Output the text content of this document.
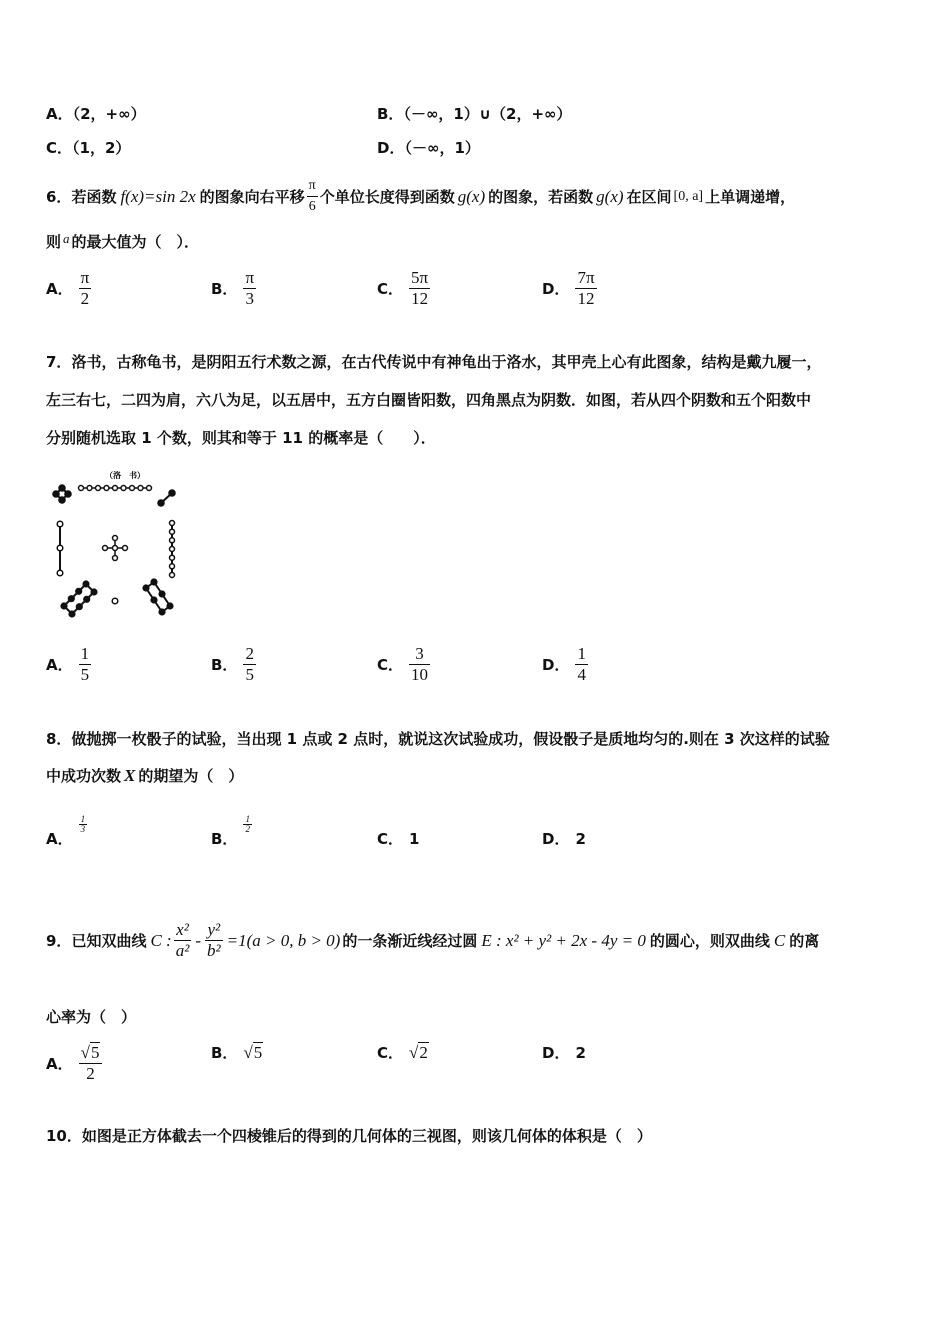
A．（2，+∞）	B．（－∞，1）∪（2，+∞）
C．（1，2）	D．（－∞，1）
6． 若函数 f(x)=sin 2x 的图象向右平移 $\frac{\pi}{6}$ 个单位长度得到函数 g(x) 的图象，若函数 g(x) 在区间 [0, a] 上单调递增，
则 a 的最大值为（　）．
A． $\frac{\pi}{2}$	B． $\frac{\pi}{3}$	C． $\frac{5\pi}{12}$	D． $\frac{7\pi}{12}$
7．洛书，古称龟书，是阴阳五行术数之源，在古代传说中有神龟出于洛水，其甲壳上心有此图象，结构是戴九履一，
左三右七，二四为肩，六八为足，以五居中，五方白圈皆阳数，四角黑点为阴数．如图，若从四个阴数和五个阳数中
分别随机选取 1 个数，则其和等于 11 的概率是（　　）．
（洛　书）
A． $\frac{1}{5}$	B． $\frac{2}{5}$	C． $\frac{3}{10}$	D． $\frac{1}{4}$
8．做抛掷一枚骰子的试验，当出现 1 点或 2 点时，就说这次试验成功，假设骰子是质地均匀的.则在 3 次这样的试验
中成功次数 X 的期望为（　）
A．
$\frac{1}{3}$
B．
$\frac{1}{2}$
C． 1	D． 2
9． 已知双曲线 C : $\frac{\text{x²}}{\text{a²}} - \frac{\text{y²}}{\text{b²}} =1(a > 0$, b > 0) 的一条渐近线经过圆 E : x² + y² + 2x - 4y = 0 的圆心，则双曲线 C 的离
心率为（　）
A． $\frac{√ 5}{2}$	B． √ 5	C． √ 2	D． 2
10．如图是正方体截去一个四棱锥后的得到的几何体的三视图，则该几何体的体积是（　）
